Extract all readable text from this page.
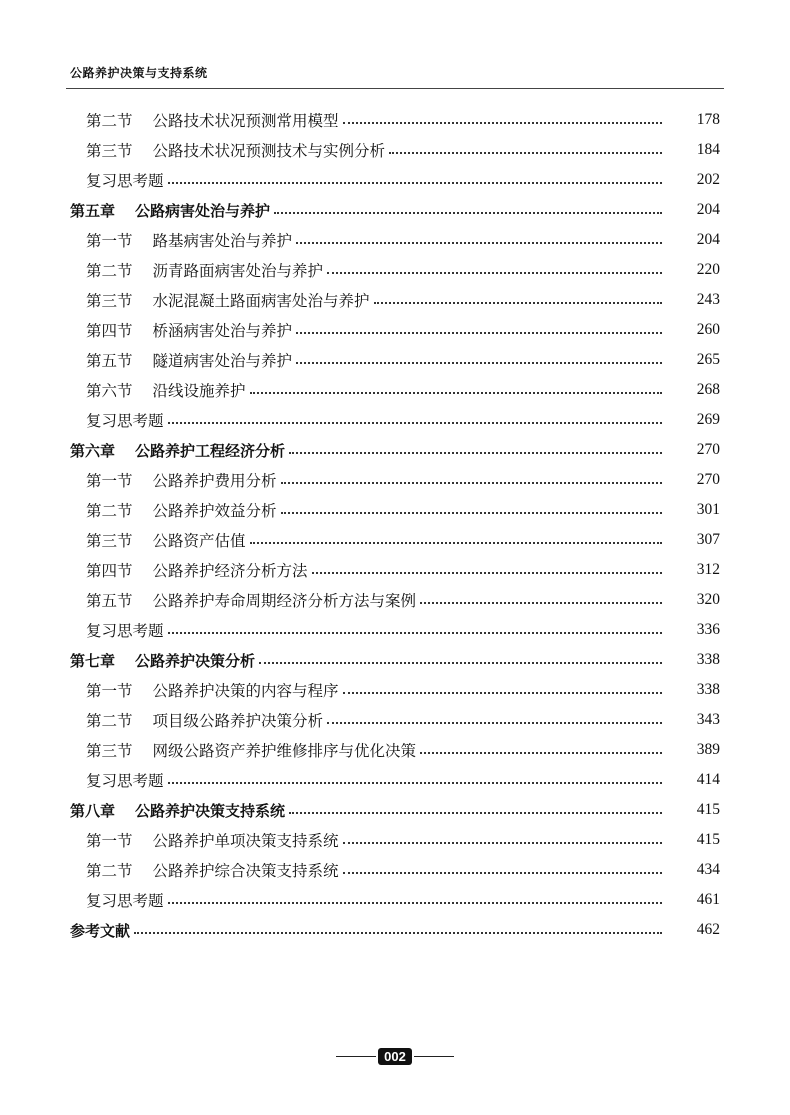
公路养护决策与支持系统
第二节 公路技术状况预测常用模型	178
第三节 公路技术状况预测技术与实例分析	184
复习思考题	202
第五章 公路病害处治与养护	204
第一节 路基病害处治与养护	204
第二节 沥青路面病害处治与养护	220
第三节 水泥混凝土路面病害处治与养护	243
第四节 桥涵病害处治与养护	260
第五节 隧道病害处治与养护	265
第六节 沿线设施养护	268
复习思考题	269
第六章 公路养护工程经济分析	270
第一节 公路养护费用分析	270
第二节 公路养护效益分析	301
第三节 公路资产估值	307
第四节 公路养护经济分析方法	312
第五节 公路养护寿命周期经济分析方法与案例	320
复习思考题	336
第七章 公路养护决策分析	338
第一节 公路养护决策的内容与程序	338
第二节 项目级公路养护决策分析	343
第三节 网级公路资产养护维修排序与优化决策	389
复习思考题	414
第八章 公路养护决策支持系统	415
第一节 公路养护单项决策支持系统	415
第二节 公路养护综合决策支持系统	434
复习思考题	461
参考文献	462
002
